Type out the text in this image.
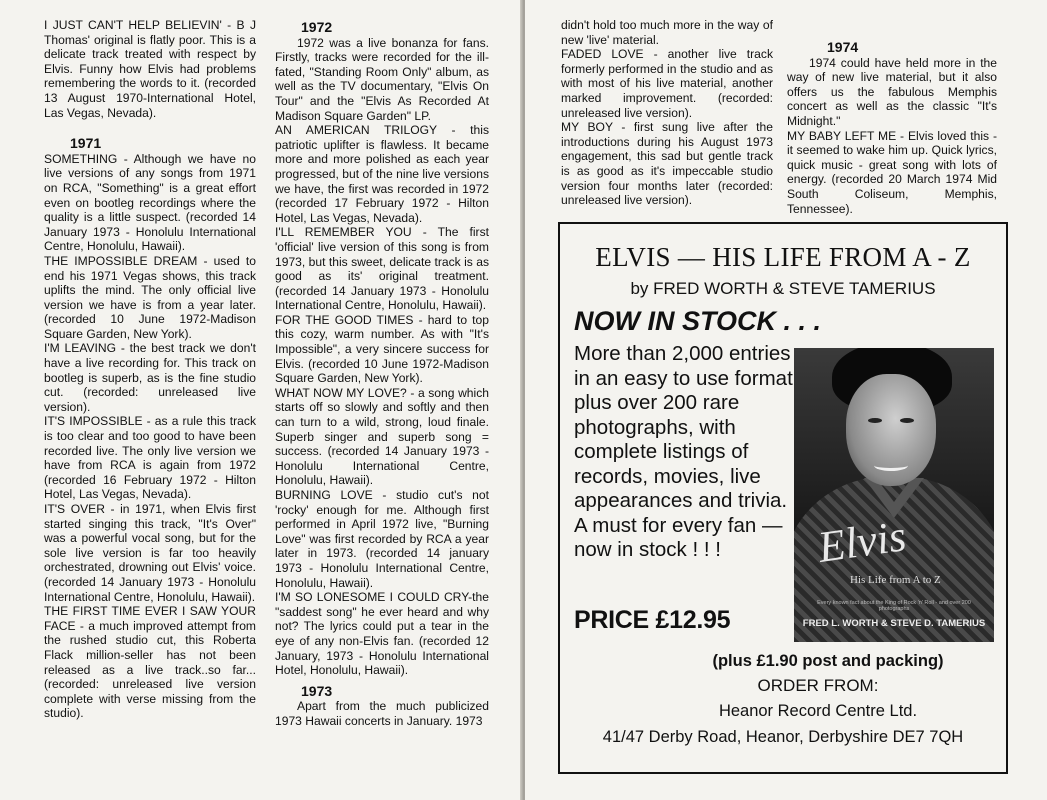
I JUST CAN'T HELP BELIEVIN' - B J Thomas' original is flatly poor. This is a delicate track treated with respect by Elvis. Funny how Elvis had problems remembering the words to it. (recorded 13 August 1970-International Hotel, Las Vegas, Nevada).

1971

SOMETHING - Although we have no live versions of any songs from 1971 on RCA, "Something" is a great effort even on bootleg recordings where the quality is a little suspect. (recorded 14 January 1973 - Honolulu International Centre, Honolulu, Hawaii).

THE IMPOSSIBLE DREAM - used to end his 1971 Vegas shows, this track uplifts the mind. The only official live version we have is from a year later. (recorded 10 June 1972-Madison Square Garden, New York).

I'M LEAVING - the best track we don't have a live recording for. This track on bootleg is superb, as is the fine studio cut. (recorded: unreleased live version).

IT'S IMPOSSIBLE - as a rule this track is too clear and too good to have been recorded live. The only live version we have from RCA is again from 1972 (recorded 16 February 1972 - Hilton Hotel, Las Vegas, Nevada).

IT'S OVER - in 1971, when Elvis first started singing this track, "It's Over" was a powerful vocal song, but for the sole live version is far too heavily orchestrated, drowning out Elvis' voice. (recorded 14 January 1973 - Honolulu International Centre, Honolulu, Hawaii).

THE FIRST TIME EVER I SAW YOUR FACE - a much improved attempt from the rushed studio cut, this Roberta Flack million-seller has not been released as a live track..so far...(recorded: unreleased live version complete with verse missing from the studio).

1972

1972 was a live bonanza for fans. Firstly, tracks were recorded for the ill-fated, "Standing Room Only" album, as well as the TV documentary, "Elvis On Tour" and the "Elvis As Recorded At Madison Square Garden" LP.

AN AMERICAN TRILOGY - this patriotic uplifter is flawless. It became more and more polished as each year progressed, but of the nine live versions we have, the first was recorded in 1972 (recorded 17 February 1972 - Hilton Hotel, Las Vegas, Nevada).

I'LL REMEMBER YOU - The first 'official' live version of this song is from 1973, but this sweet, delicate track is as good as its' original treatment. (recorded 14 January 1973 - Honolulu International Centre, Honolulu, Hawaii).

FOR THE GOOD TIMES - hard to top this cozy, warm number. As with "It's Impossible", a very sincere success for Elvis. (recorded 10 June 1972-Madison Square Garden, New York).

WHAT NOW MY LOVE? - a song which starts off so slowly and softly and then can turn to a wild, strong, loud finale. Superb singer and superb song = success. (recorded 14 January 1973 - Honolulu International Centre, Honolulu, Hawaii).

BURNING LOVE - studio cut's not 'rocky' enough for me. Although first performed in April 1972 live, "Burning Love" was first recorded by RCA a year later in 1973. (recorded 14 january 1973 - Honolulu International Centre, Honolulu, Hawaii).

I'M SO LONESOME I COULD CRY-the "saddest song" he ever heard and why not? The lyrics could put a tear in the eye of any non-Elvis fan. (recorded 12 January, 1973 - Honolulu International Hotel, Honolulu, Hawaii).

1973

Apart from the much publicized 1973 Hawaii concerts in January. 1973

didn't hold too much more in the way of new 'live' material.

FADED LOVE - another live track formerly performed in the studio and as with most of his live material, another marked improvement. (recorded: unreleased live version).

MY BOY - first sung live after the introductions during his August 1973 engagement, this sad but gentle track is as good as it's impeccable studio version four months later (recorded: unreleased live version).

1974

1974 could have held more in the way of new live material, but it also offers us the fabulous Memphis concert as well as the classic "It's Midnight."

MY BABY LEFT ME - Elvis loved this - it seemed to wake him up. Quick lyrics, quick music - great song with lots of energy. (recorded 20 March 1974 Mid South Coliseum, Memphis, Tennessee).

ELVIS — HIS LIFE FROM A - Z
by FRED WORTH & STEVE TAMERIUS
NOW IN STOCK . . .
More than 2,000 entries in an easy to use format plus over 200 rare photographs, with complete listings of records, movies, live appearances and trivia. A must for every fan — now in stock ! ! !	Elvis
His Life from A to Z
Every known fact about the King of Rock 'n' Roll - and over 200 photographs
FRED L. WORTH & STEVE D. TAMERIUS
PRICE £12.95
(plus £1.90 post and packing)
ORDER FROM:
Heanor Record Centre Ltd.
41/47 Derby Road, Heanor, Derbyshire DE7 7QH
